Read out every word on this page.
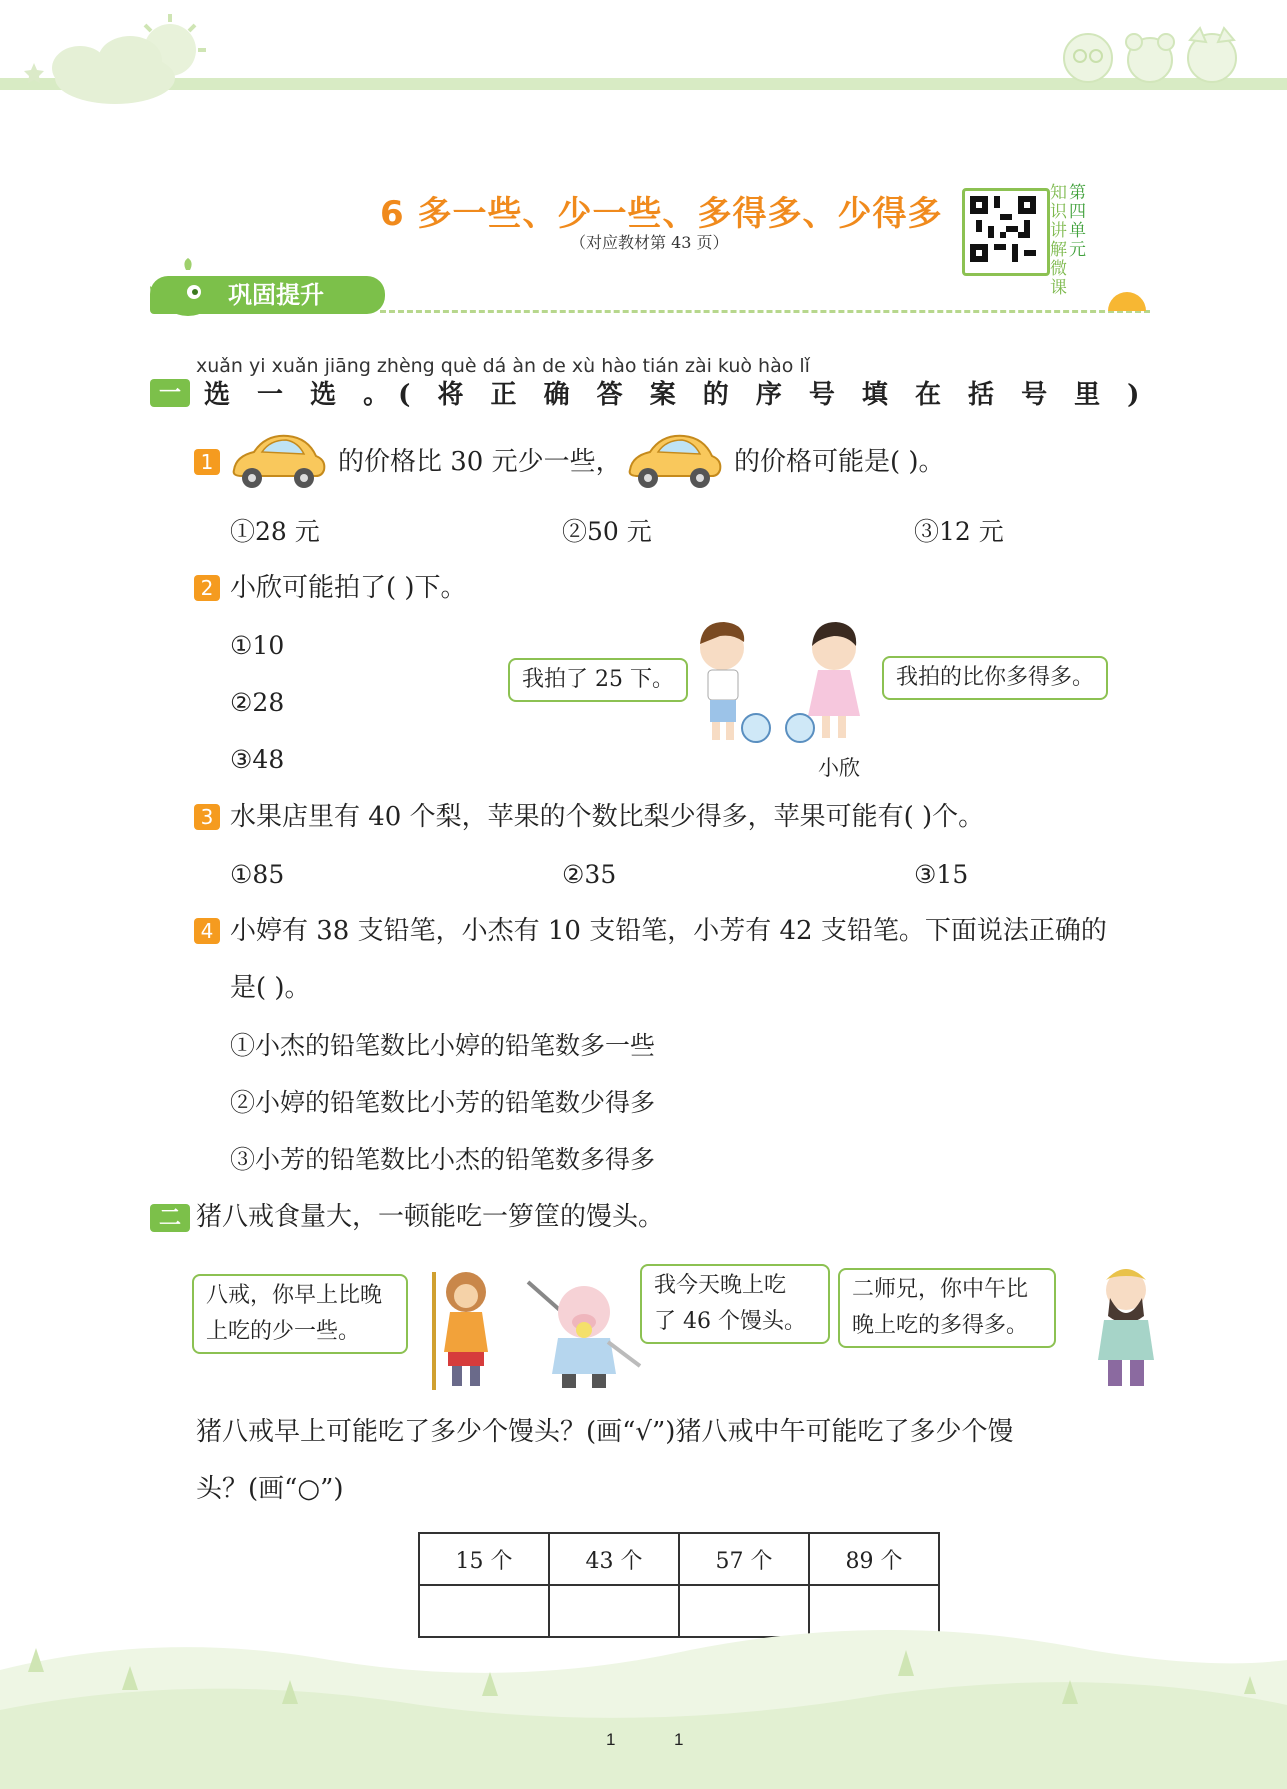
6 多一些、少一些、多得多、少得多
（对应教材第 43 页）
知识讲解微课
第四单元
巩固提升
xuǎn yi xuǎn jiāng zhèng què dá àn de xù hào tián zài kuò hào lǐ
一 选 一 选 。( 将 正 确 答 案 的 序 号 填 在 括 号 里 )
1	的价格比 30 元少一些，	的价格可能是( )。
①28 元	②50 元	③12 元
2 小欣可能拍了( )下。
①10
②28
③48
我拍了 25 下。	我拍的比你多得多。
小欣
3 水果店里有 40 个梨，苹果的个数比梨少得多，苹果可能有( )个。
①85	②35	③15
4 小婷有 38 支铅笔，小杰有 10 支铅笔，小芳有 42 支铅笔。下面说法正确的
是( )。
①小杰的铅笔数比小婷的铅笔数多一些
②小婷的铅笔数比小芳的铅笔数少得多
③小芳的铅笔数比小杰的铅笔数多得多
二 猪八戒食量大，一顿能吃一箩筐的馒头。
八戒，你早上比晚
上吃的少一些。
我今天晚上吃
了 46 个馒头。
二师兄，你中午比
晚上吃的多得多。
猪八戒早上可能吃了多少个馒头？(画“√”)猪八戒中午可能吃了多少个馒
头？(画“○”)
15 个	43 个	57 个	89 个

1	1
